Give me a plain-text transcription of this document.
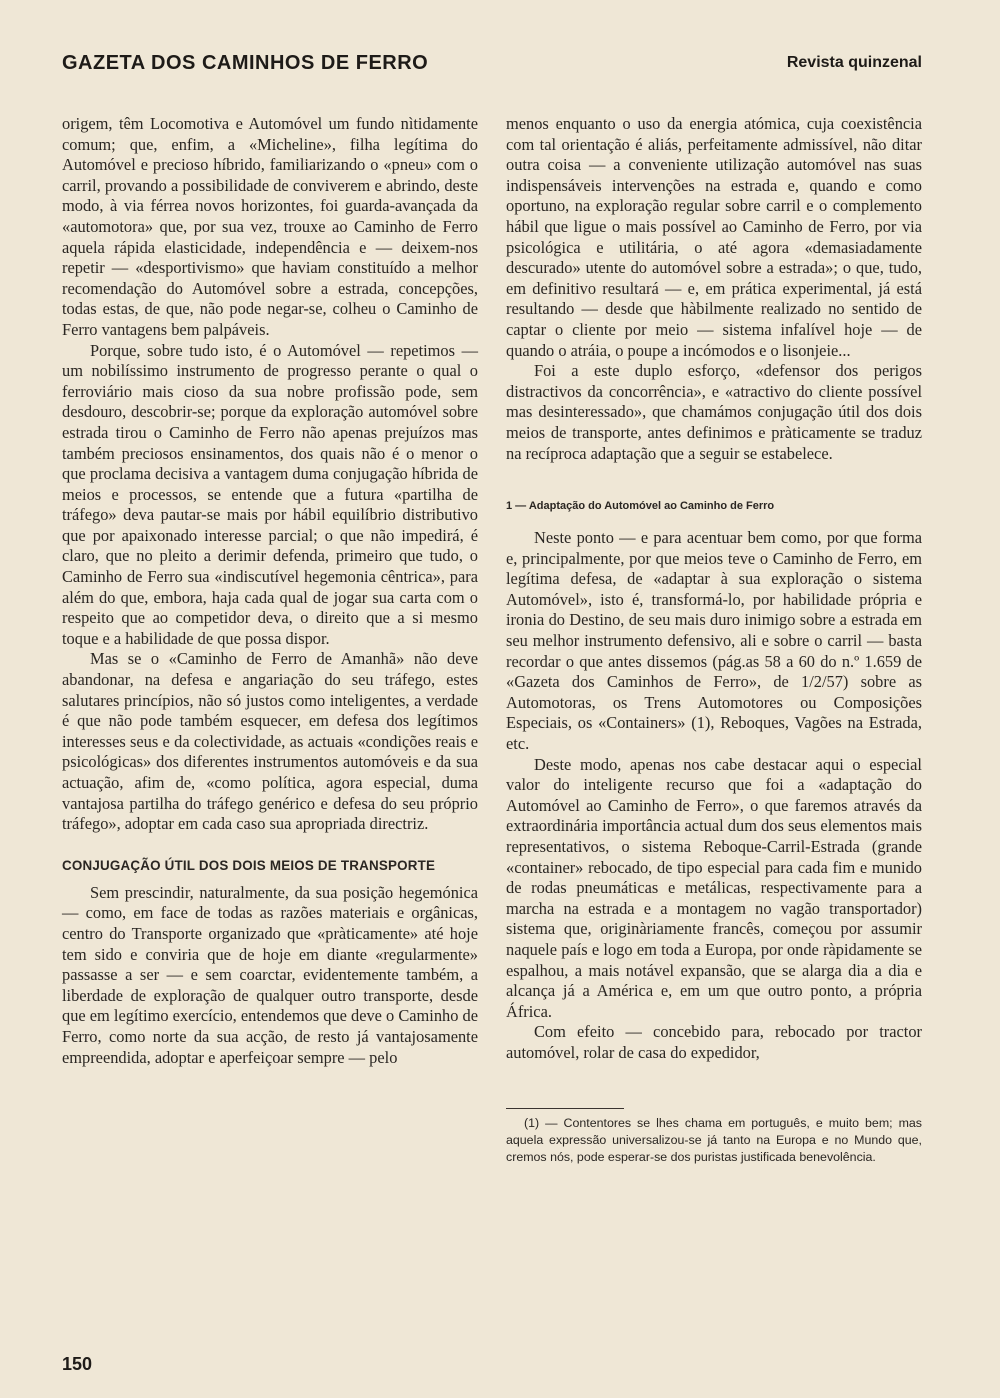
GAZETA DOS CAMINHOS DE FERRO	Revista quinzenal

origem, têm Locomotiva e Automóvel um fundo nìtidamente comum; que, enfim, a «Micheline», filha legítima do Automóvel e precioso híbrido, familiarizando o «pneu» com o carril, provando a possibilidade de conviverem e abrindo, deste modo, à via férrea novos horizontes, foi guarda-avançada da «automotora» que, por sua vez, trouxe ao Caminho de Ferro aquela rápida elasticidade, independência e — deixem-nos repetir — «desportivismo» que haviam constituído a melhor recomendação do Automóvel sobre a estrada, concepções, todas estas, de que, não pode negar-se, colheu o Caminho de Ferro vantagens bem palpáveis.

Porque, sobre tudo isto, é o Automóvel — repetimos — um nobilíssimo instrumento de progresso perante o qual o ferroviário mais cioso da sua nobre profissão pode, sem desdouro, descobrir-se; porque da exploração automóvel sobre estrada tirou o Caminho de Ferro não apenas prejuízos mas também preciosos ensinamentos, dos quais não é o menor o que proclama decisiva a vantagem duma conjugação híbrida de meios e processos, se entende que a futura «partilha de tráfego» deva pautar-se mais por hábil equilíbrio distributivo que por apaixonado interesse parcial; o que não impedirá, é claro, que no pleito a derimir defenda, primeiro que tudo, o Caminho de Ferro sua «indiscutível hegemonia cêntrica», para além do que, embora, haja cada qual de jogar sua carta com o respeito que ao competidor deva, o direito que a si mesmo toque e a habilidade de que possa dispor.

Mas se o «Caminho de Ferro de Amanhã» não deve abandonar, na defesa e angariação do seu tráfego, estes salutares princípios, não só justos como inteligentes, a verdade é que não pode também esquecer, em defesa dos legítimos interesses seus e da colectividade, as actuais «condições reais e psicológicas» dos diferentes instrumentos automóveis e da sua actuação, afim de, «como política, agora especial, duma vantajosa partilha do tráfego genérico e defesa do seu próprio tráfego», adoptar em cada caso sua apropriada directriz.

CONJUGAÇÃO ÚTIL DOS DOIS MEIOS DE TRANSPORTE

Sem prescindir, naturalmente, da sua posição hegemónica — como, em face de todas as razões materiais e orgânicas, centro do Transporte organizado que «pràticamente» até hoje tem sido e conviria que de hoje em diante «regularmente» passasse a ser — e sem coarctar, evidentemente também, a liberdade de exploração de qualquer outro transporte, desde que em legítimo exercício, entendemos que deve o Caminho de Ferro, como norte da sua acção, de resto já vantajosamente empreendida, adoptar e aperfeiçoar sempre — pelo

menos enquanto o uso da energia atómica, cuja coexistência com tal orientação é aliás, perfeitamente admissível, não ditar outra coisa — a conveniente utilização automóvel nas suas indispensáveis intervenções na estrada e, quando e como oportuno, na exploração regular sobre carril e o complemento hábil que ligue o mais possível ao Caminho de Ferro, por via psicológica e utilitária, o até agora «demasiadamente descurado» utente do automóvel sobre a estrada»; o que, tudo, em definitivo resultará — e, em prática experimental, já está resultando — desde que hàbilmente realizado no sentido de captar o cliente por meio — sistema infalível hoje — de quando o atráia, o poupe a incómodos e o lisonjeie...

Foi a este duplo esforço, «defensor dos perigos distractivos da concorrência», e «atractivo do cliente possível mas desinteressado», que chamámos conjugação útil dos dois meios de transporte, antes definimos e pràticamente se traduz na recíproca adaptação que a seguir se estabelece.

1 — Adaptação do Automóvel ao Caminho de Ferro

Neste ponto — e para acentuar bem como, por que forma e, principalmente, por que meios teve o Caminho de Ferro, em legítima defesa, de «adaptar à sua exploração o sistema Automóvel», isto é, transformá-lo, por habilidade própria e ironia do Destino, de seu mais duro inimigo sobre a estrada em seu melhor instrumento defensivo, ali e sobre o carril — basta recordar o que antes dissemos (pág.as 58 a 60 do n.º 1.659 de «Gazeta dos Caminhos de Ferro», de 1/2/57) sobre as Automotoras, os Trens Automotores ou Composições Especiais, os «Containers» (1), Reboques, Vagões na Estrada, etc.

Deste modo, apenas nos cabe destacar aqui o especial valor do inteligente recurso que foi a «adaptação do Automóvel ao Caminho de Ferro», o que faremos através da extraordinária importância actual dum dos seus elementos mais representativos, o sistema Reboque-Carril-Estrada (grande «container» rebocado, de tipo especial para cada fim e munido de rodas pneumáticas e metálicas, respectivamente para a marcha na estrada e a montagem no vagão transportador) sistema que, originàriamente francês, começou por assumir naquele país e logo em toda a Europa, por onde ràpidamente se espalhou, a mais notável expansão, que se alarga dia a dia e alcança já a América e, em um que outro ponto, a própria África.

Com efeito — concebido para, rebocado por tractor automóvel, rolar de casa do expedidor,

(1) — Contentores se lhes chama em português, e muito bem; mas aquela expressão universalizou-se já tanto na Europa e no Mundo que, cremos nós, pode esperar-se dos puristas justificada benevolência.
150
